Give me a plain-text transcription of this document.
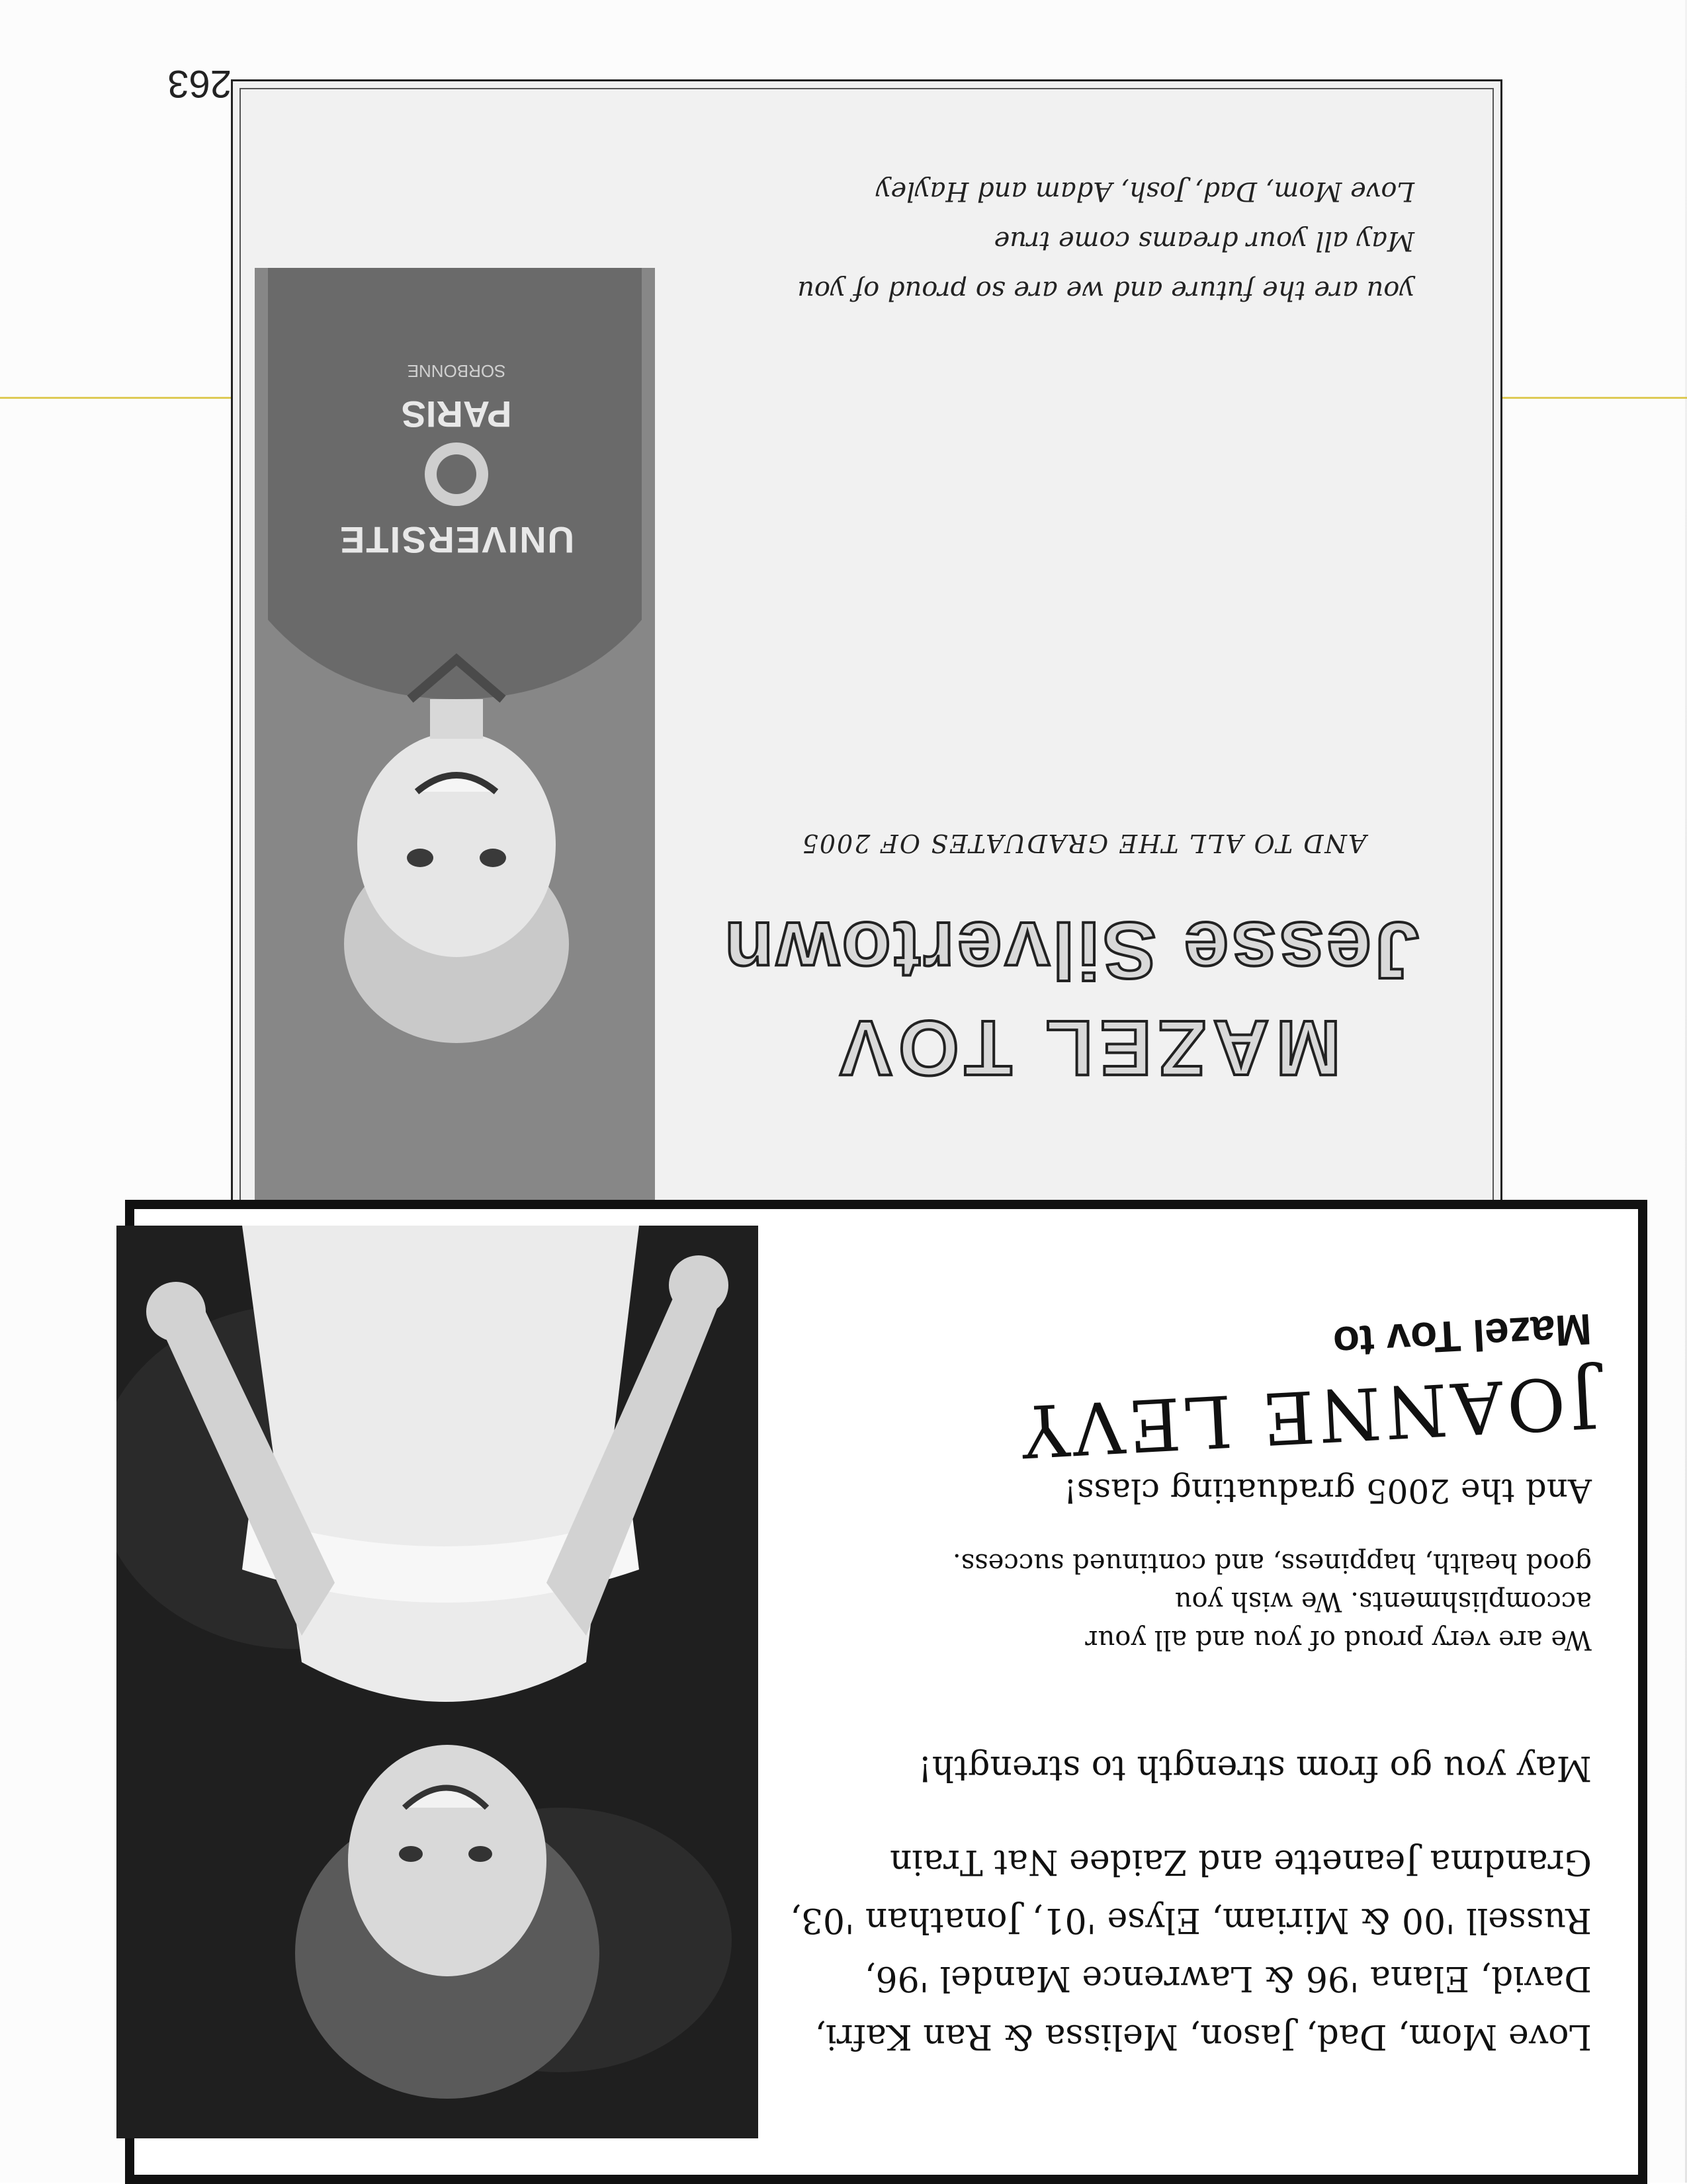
MAZEL TOV
Jesse Silvertown
AND TO ALL THE GRADUATES OF 2005
you are the future and we are so proud of you
May all your dreams come true
Love Mom, Dad, Josh, Adam and Hayley
UNIVERSITE
PARIS
SORBONNE
Mazel Tov to
JOANNE LEVY
And the 2005 graduating class!
We are very proud of you and all your
accomplishments. We wish you
good health, happiness, and continued success.
May you go from strength to strength!
Love Mom, Dad, Jason, Melissa & Ran Kafri,
David, Elana '96 & Lawrence Mandel '96,
Russell '00 & Miriam, Elyse '01, Jonathan '03,
Grandma Jeanette and Zaidee Nat Train
263
